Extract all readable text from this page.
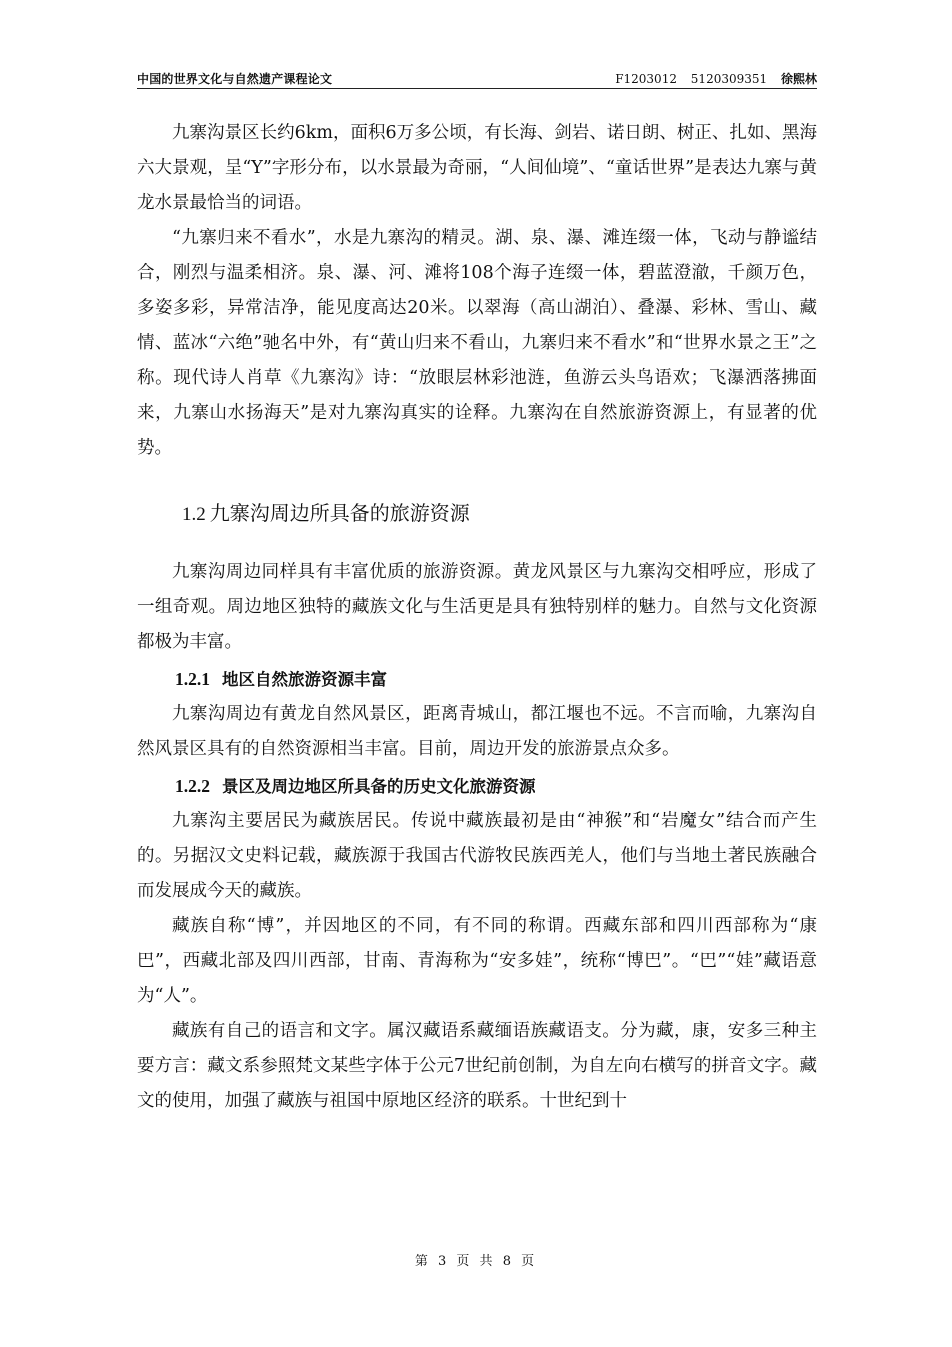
中国的世界文化与自然遗产课程论文	F1203012 5120309351 徐熙林

九寨沟景区长约6km，面积6万多公顷，有长海、剑岩、诺日朗、树正、扎如、黑海六大景观，呈“Y”字形分布，以水景最为奇丽，“人间仙境”、“童话世界”是表达九寨与黄龙水景最恰当的词语。

“九寨归来不看水”，水是九寨沟的精灵。湖、泉、瀑、滩连缀一体，飞动与静谧结合，刚烈与温柔相济。泉、瀑、河、滩将108个海子连缀一体，碧蓝澄澈，千颜万色，多姿多彩，异常洁净，能见度高达20米。以翠海（高山湖泊）、叠瀑、彩林、雪山、藏情、蓝冰“六绝”驰名中外，有“黄山归来不看山，九寨归来不看水”和“世界水景之王”之称。现代诗人肖草《九寨沟》诗：“放眼层林彩池涟，鱼游云头鸟语欢；飞瀑洒落拂面来，九寨山水扬海天”是对九寨沟真实的诠释。九寨沟在自然旅游资源上，有显著的优势。

1.2 九寨沟周边所具备的旅游资源

九寨沟周边同样具有丰富优质的旅游资源。黄龙风景区与九寨沟交相呼应，形成了一组奇观。周边地区独特的藏族文化与生活更是具有独特别样的魅力。自然与文化资源都极为丰富。

1.2.1 地区自然旅游资源丰富

九寨沟周边有黄龙自然风景区，距离青城山，都江堰也不远。不言而喻，九寨沟自然风景区具有的自然资源相当丰富。目前，周边开发的旅游景点众多。

1.2.2 景区及周边地区所具备的历史文化旅游资源

九寨沟主要居民为藏族居民。传说中藏族最初是由“神猴”和“岩魔女”结合而产生的。另据汉文史料记载，藏族源于我国古代游牧民族西羌人，他们与当地土著民族融合而发展成今天的藏族。

藏族自称“博”，并因地区的不同，有不同的称谓。西藏东部和四川西部称为“康巴”，西藏北部及四川西部，甘南、青海称为“安多娃”，统称“博巴”。“巴”“娃”藏语意为“人”。

藏族有自己的语言和文字。属汉藏语系藏缅语族藏语支。分为藏，康，安多三种主要方言：藏文系参照梵文某些字体于公元7世纪前创制，为自左向右横写的拼音文字。藏文的使用，加强了藏族与祖国中原地区经济的联系。十世纪到十

第 3 页 共 8 页
